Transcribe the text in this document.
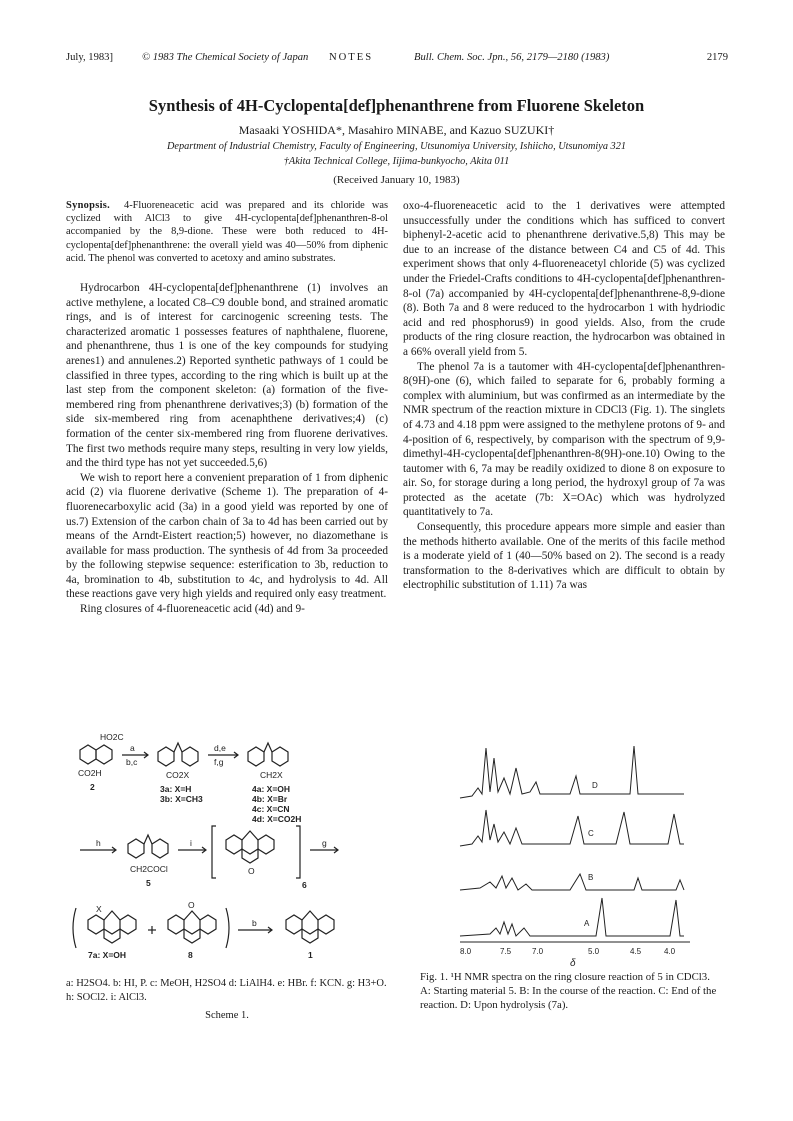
July, 1983]	© 1983 The Chemical Society of Japan NOTES	Bull. Chem. Soc. Jpn., 56, 2179—2180 (1983)	2179
Synthesis of 4H-Cyclopenta[def]phenanthrene from Fluorene Skeleton
Masaaki YOSHIDA*, Masahiro MINABE, and Kazuo SUZUKI†
Department of Industrial Chemistry, Faculty of Engineering, Utsunomiya University, Ishiicho, Utsunomiya 321
†Akita Technical College, Iijima-bunkyocho, Akita 011
(Received January 10, 1983)

Synopsis. 4-Fluoreneacetic acid was prepared and its chloride was cyclized with AlCl3 to give 4H-cyclopenta[def]phenanthren-8-ol accompanied by the 8,9-dione. These were both reduced to 4H-cyclopenta[def]phenanthrene: the overall yield was 40—50% from diphenic acid. The phenol was converted to acetoxy and amino substrates.

Hydrocarbon 4H-cyclopenta[def]phenanthrene (1) involves an active methylene, a located C8–C9 double bond, and strained aromatic rings, and is of interest for carcinogenic screening tests. The characterized aromatic 1 possesses features of naphthalene, fluorene, and phenanthrene, thus 1 is one of the key compounds for studying arenes1) and annulenes.2) Reported synthetic pathways of 1 could be classified in three types, according to the ring which is built up at the last step from the component skeleton: (a) formation of the five-membered ring from phenanthrene derivatives;3) (b) formation of the side six-membered ring from acenaphthene derivatives;4) (c) formation of the center six-membered ring from fluorene derivatives. The first two methods require many steps, resulting in very low yields, and the third type has not yet succeeded.5,6)

We wish to report here a convenient preparation of 1 from diphenic acid (2) via fluorene derivative (Scheme 1). The preparation of 4-fluorenecarboxylic acid (3a) in a good yield was reported by one of us.7) Extension of the carbon chain of 3a to 4d has been carried out by means of the Arndt-Eistert reaction;5) however, no diazomethane is available for mass production. The synthesis of 4d from 3a proceeded by the following stepwise sequence: esterification to 3b, reduction to 4a, bromination to 4b, substitution to 4c, and hydrolysis to 4d. All these reactions gave very high yields and required only easy treatment.

Ring closures of 4-fluoreneacetic acid (4d) and 9-

oxo-4-fluoreneacetic acid to the 1 derivatives were attempted unsuccessfully under the conditions which has sufficed to convert biphenyl-2-acetic acid to phenanthrene derivative.5,8) This may be due to an increase of the distance between C4 and C5 of 4d. This experiment shows that only 4-fluoreneacetyl chloride (5) was cyclized under the Friedel-Crafts conditions to 4H-cyclopenta[def]phenanthren-8-ol (7a) accompanied by 4H-cyclopenta[def]phenanthrene-8,9-dione (8). Both 7a and 8 were reduced to the hydrocarbon 1 with hydriodic acid and red phosphorus9) in good yields. Also, from the crude products of the ring closure reaction, the hydrocarbon was obtained in a 66% overall yield from 5.

The phenol 7a is a tautomer with 4H-cyclopenta[def]phenanthren-8(9H)-one (6), which failed to separate for 6, probably forming a complex with aluminium, but was confirmed as an intermediate by the NMR spectrum of the reaction mixture in CDCl3 (Fig. 1). The singlets of 4.73 and 4.18 ppm were assigned to the methylene protons of 9- and 4-position of 6, respectively, by comparison with the spectrum of 9,9-dimethyl-4H-cyclopenta[def]phenanthren-8(9H)-one.10) Owing to the tautomer with 6, 7a may be readily oxidized to dione 8 on exposure to air. So, for storage during a long period, the hydroxyl group of 7a was protected as the acetate (7b: X=OAc) which was hydrolyzed quantitatively to 7a.

Consequently, this procedure appears more simple and easier than the methods hitherto available. One of the merits of this facile method is a moderate yield of 1 (40—50% based on 2). The second is a ready transformation to the 8-derivatives which are difficult to obtain by electrophilic substitution of 1.11) 7a was

HO2C
CO2H
2
a
b,c
CO2X
3a: X=H
3b: X=CH3
d,e
f,g
CH2X
4a: X=OH
4b: X=Br
4c: X=CN
4d: X=CO2H
h
CH2COCl
5
i
O
6
g
X	O
b
7a: X=OH	8	1
a: H2SO4. b: HI, P. c: MeOH, H2SO4 d: LiAlH4. e: HBr. f: KCN. g: H3+O. h: SOCl2. i: AlCl3.
Scheme 1.
D
C
B
A
8.0	7.5	7.0	5.0	4.5	4.0
δ
Fig. 1. ¹H NMR spectra on the ring closure reaction of 5 in CDCl3. A: Starting material 5. B: In the course of the reaction. C: End of the reaction. D: Upon hydrolysis (7a).
